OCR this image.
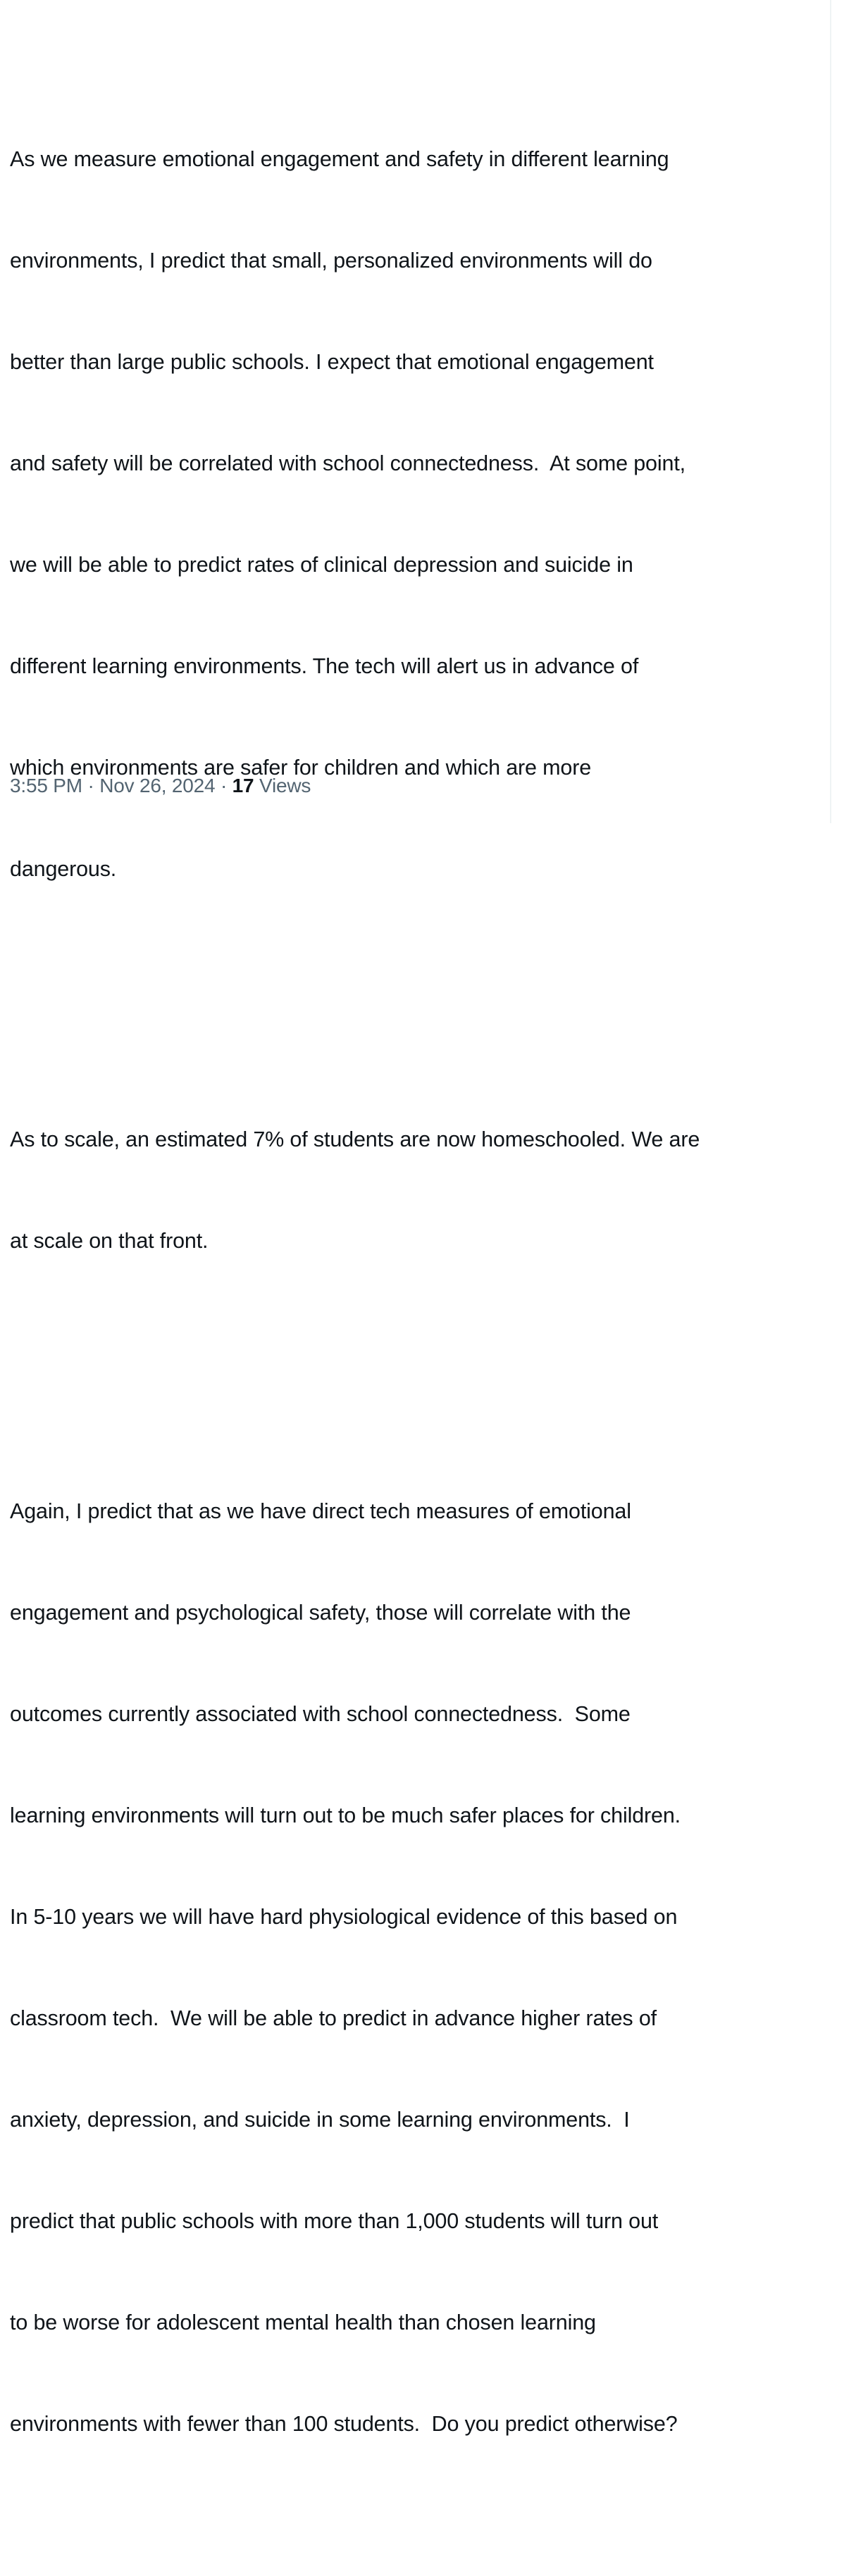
As we measure emotional engagement and safety in different learning

environments, I predict that small, personalized environments will do

better than large public schools. I expect that emotional engagement

and safety will be correlated with school connectedness.  At some point,

we will be able to predict rates of clinical depression and suicide in

different learning environments. The tech will alert us in advance of

which environments are safer for children and which are more

dangerous.

As to scale, an estimated 7% of students are now homeschooled. We are

at scale on that front.

Again, I predict that as we have direct tech measures of emotional

engagement and psychological safety, those will correlate with the

outcomes currently associated with school connectedness.  Some

learning environments will turn out to be much safer places for children.

In 5-10 years we will have hard physiological evidence of this based on

classroom tech.  We will be able to predict in advance higher rates of

anxiety, depression, and suicide in some learning environments.  I

predict that public schools with more than 1,000 students will turn out

to be worse for adolescent mental health than chosen learning

environments with fewer than 100 students.  Do you predict otherwise?

3:55 PM · Nov 26, 2024 · 17 Views
